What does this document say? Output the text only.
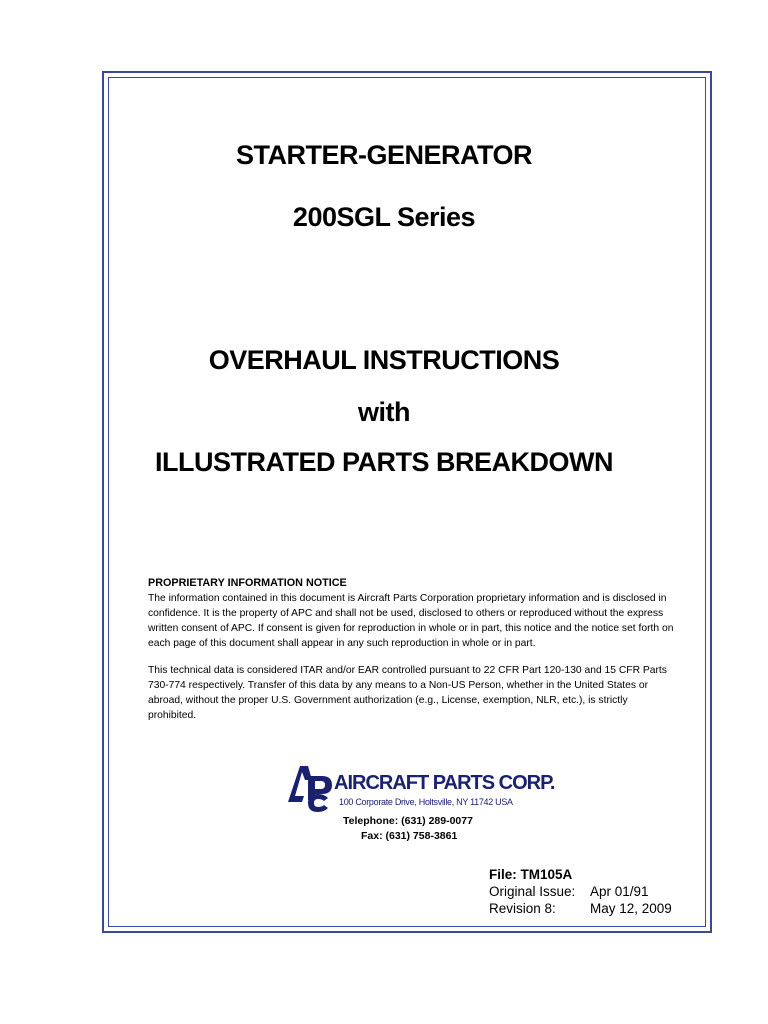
STARTER-GENERATOR
200SGL Series
OVERHAUL INSTRUCTIONS
with
ILLUSTRATED PARTS BREAKDOWN

PROPRIETARY INFORMATION NOTICE

The information contained in this document is Aircraft Parts Corporation proprietary information and is disclosed in confidence. It is the property of APC and shall not be used, disclosed to others or reproduced without the express written consent of APC. If consent is given for reproduction in whole or in part, this notice and the notice set forth on each page of this document shall appear in any such reproduction in whole or in part.

This technical data is considered ITAR and/or EAR controlled pursuant to 22 CFR Part 120-130 and 15 CFR Parts 730-774 respectively. Transfer of this data by any means to a Non-US Person, whether in the United States or abroad, without the proper U.S. Government authorization (e.g., License, exemption, NLR, etc.), is strictly prohibited.

AIRCRAFT PARTS CORP.
100 Corporate Drive, Holtsville, NY 11742 USA
Telephone: (631) 289-0077
Fax: (631) 758-3861
File: TM105A
Original Issue: Apr 01/91
Revision 8:	May 12, 2009
